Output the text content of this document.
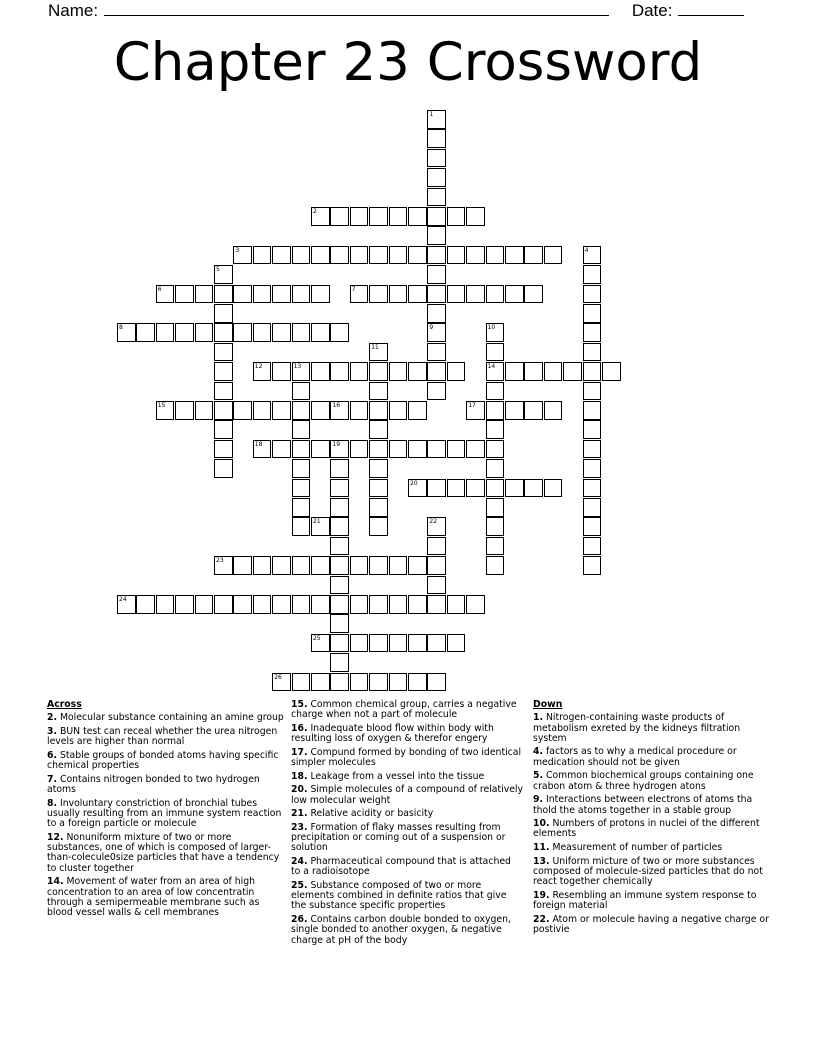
Name:	Date:
Chapter 23 Crossword
1
2
3	4
5
6	7
8	9	10
14
11
12	13
15	16	17
18	19
20
21	22
23
24
25
26
Across
2. Molecular substance containing an amine group
3. BUN test can receal whether the urea nitrogen levels are higher than normal
6. Stable groups of bonded atoms having specific chemical properties
7. Contains nitrogen bonded to two hydrogen atoms
8. Involuntary constriction of bronchial tubes usually resulting from an immune system reaction to a foreign particle or molecule
12. Nonuniform mixture of two or more substances, one of which is composed of larger-than-colecule0size particles that have a tendency to cluster together
14. Movement of water from an area of high concentration to an area of low concentratin through a semipermeable membrane such as blood vessel walls & cell membranes
15. Common chemical group, carries a negative charge when not a part of molecule
16. Inadequate blood flow within body with resulting loss of oxygen & therefor engery
17. Compund formed by bonding of two identical simpler molecules
18. Leakage from a vessel into the tissue
20. Simple molecules of a compound of relatively low molecular weight
21. Relative acidity or basicity
23. Formation of flaky masses resulting from precipitation or coming out of a suspension or solution
24. Pharmaceutical compound that is attached to a radioisotope
25. Substance composed of two or more elements combined in definite ratios that give the substance specific properties
26. Contains carbon double bonded to oxygen, single bonded to another oxygen, & negative charge at pH of the body
Down
1. Nitrogen-containing waste products of metabolism exreted by the kidneys filtration system
4. factors as to why a medical procedure or medication should not be given
5. Common biochemical groups containing one crabon atom & three hydrogen atons
9. Interactions between electrons of atoms tha thold the atoms together in a stable group
10. Numbers of protons in nuclei of the different elements
11. Measurement of number of particles
13. Uniform micture of two or more substances composed of molecule-sized particles that do not react together chemically
19. Resembling an immune system response to foreign material
22. Atom or molecule having a negative charge or postivie
